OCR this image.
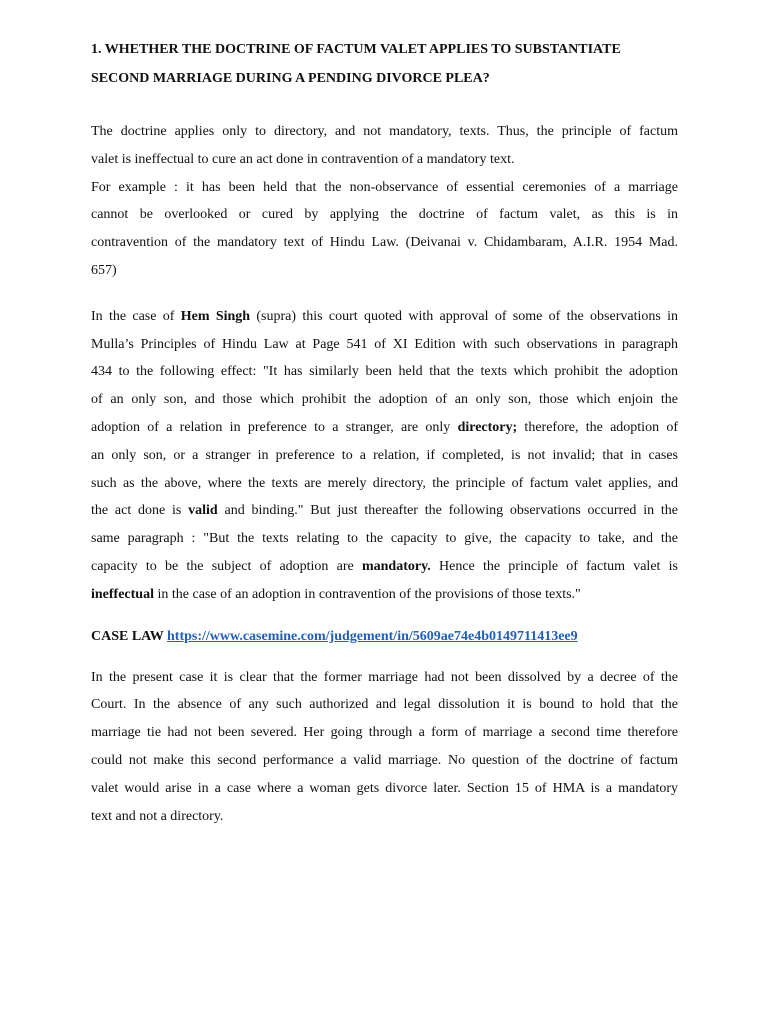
1. WHETHER THE DOCTRINE OF FACTUM VALET APPLIES TO SUBSTANTIATE
SECOND MARRIAGE DURING A PENDING DIVORCE PLEA?
The doctrine applies only to directory, and not mandatory, texts. Thus, the principle of factum
valet is ineffectual to cure an act done in contravention of a mandatory text.
For example : it has been held that the non-observance of essential ceremonies of a marriage
cannot be overlooked or cured by applying the doctrine of factum valet, as this is in
contravention of the mandatory text of Hindu Law. (Deivanai v. Chidambaram, A.I.R. 1954 Mad.
657)
In the case of Hem Singh (supra) this court quoted with approval of some of the observations in
Mulla’s Principles of Hindu Law at Page 541 of XI Edition with such observations in paragraph
434 to the following effect: "It has similarly been held that the texts which prohibit the adoption
of an only son, and those which prohibit the adoption of an only son, those which enjoin the
adoption of a relation in preference to a stranger, are only directory; therefore, the adoption of
an only son, or a stranger in preference to a relation, if completed, is not invalid; that in cases
such as the above, where the texts are merely directory, the principle of factum valet applies, and
the act done is valid and binding." But just thereafter the following observations occurred in the
same paragraph : "But the texts relating to the capacity to give, the capacity to take, and the
capacity to be the subject of adoption are mandatory. Hence the principle of factum valet is
ineffectual in the case of an adoption in contravention of the provisions of those texts."

CASE LAW https://www.casemine.com/judgement/in/5609ae74e4b0149711413ee9

In the present case it is clear that the former marriage had not been dissolved by a decree of the
Court. In the absence of any such authorized and legal dissolution it is bound to hold that the
marriage tie had not been severed. Her going through a form of marriage a second time therefore
could not make this second performance a valid marriage. No question of the doctrine of factum
valet would arise in a case where a woman gets divorce later. Section 15 of HMA is a mandatory
text and not a directory.
